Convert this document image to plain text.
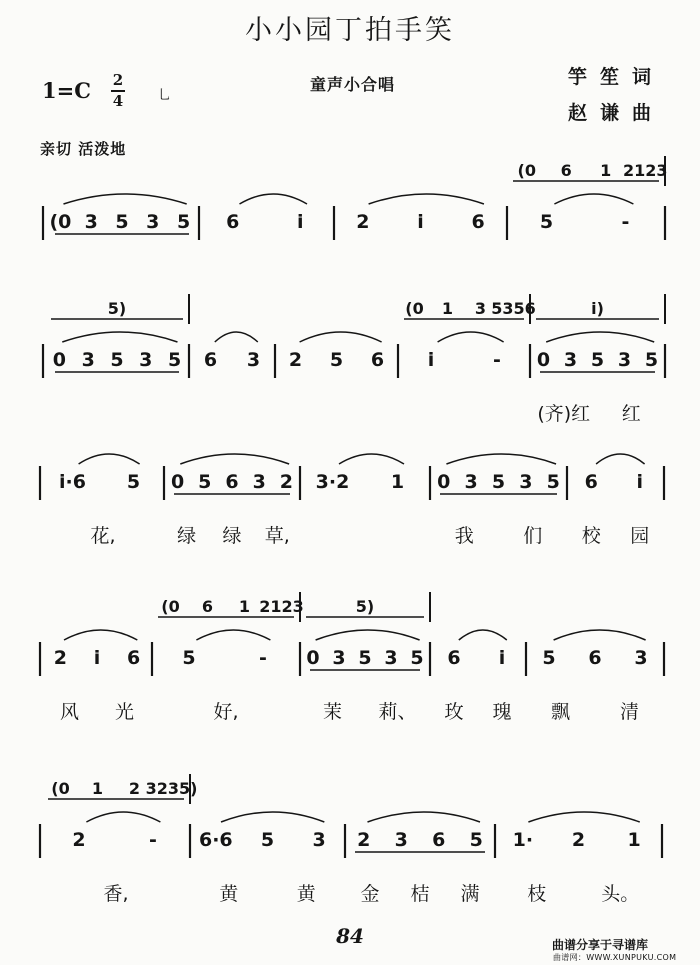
小小园丁拍手笑
1=C 2
4	⺃
童声小合唱	竽笙词
赵谦曲
亲切 活泼地
(0 3 5 3 5 6	i	2	i	6	5	-
(0 6 1 2123
0 3 5 3 5 6 3 2 5 6 i	- 0 3 5 3 5
(齐)红 红
5)	(0 1 3 5356	i)
i·6 5
花,
0 5 6 3 2
绿 绿 草,
3·2 1 0 3 5 3 5
我	们
6 i
校 园
2 i 6
风 光
5	-
好,
0 3 5 3 5
茉 莉、
6 i
玫 瑰
5 6 3
飘	清
(0 6 1 2123	5)
2	-
香,
6·6 5 3
黄	黄
2 3 6 5
金 桔 满
1· 2 1
枝	头。
(0 1 2 3235)
84	曲谱分享于寻谱库
曲谱网：WWW.XUNPUKU.COM
